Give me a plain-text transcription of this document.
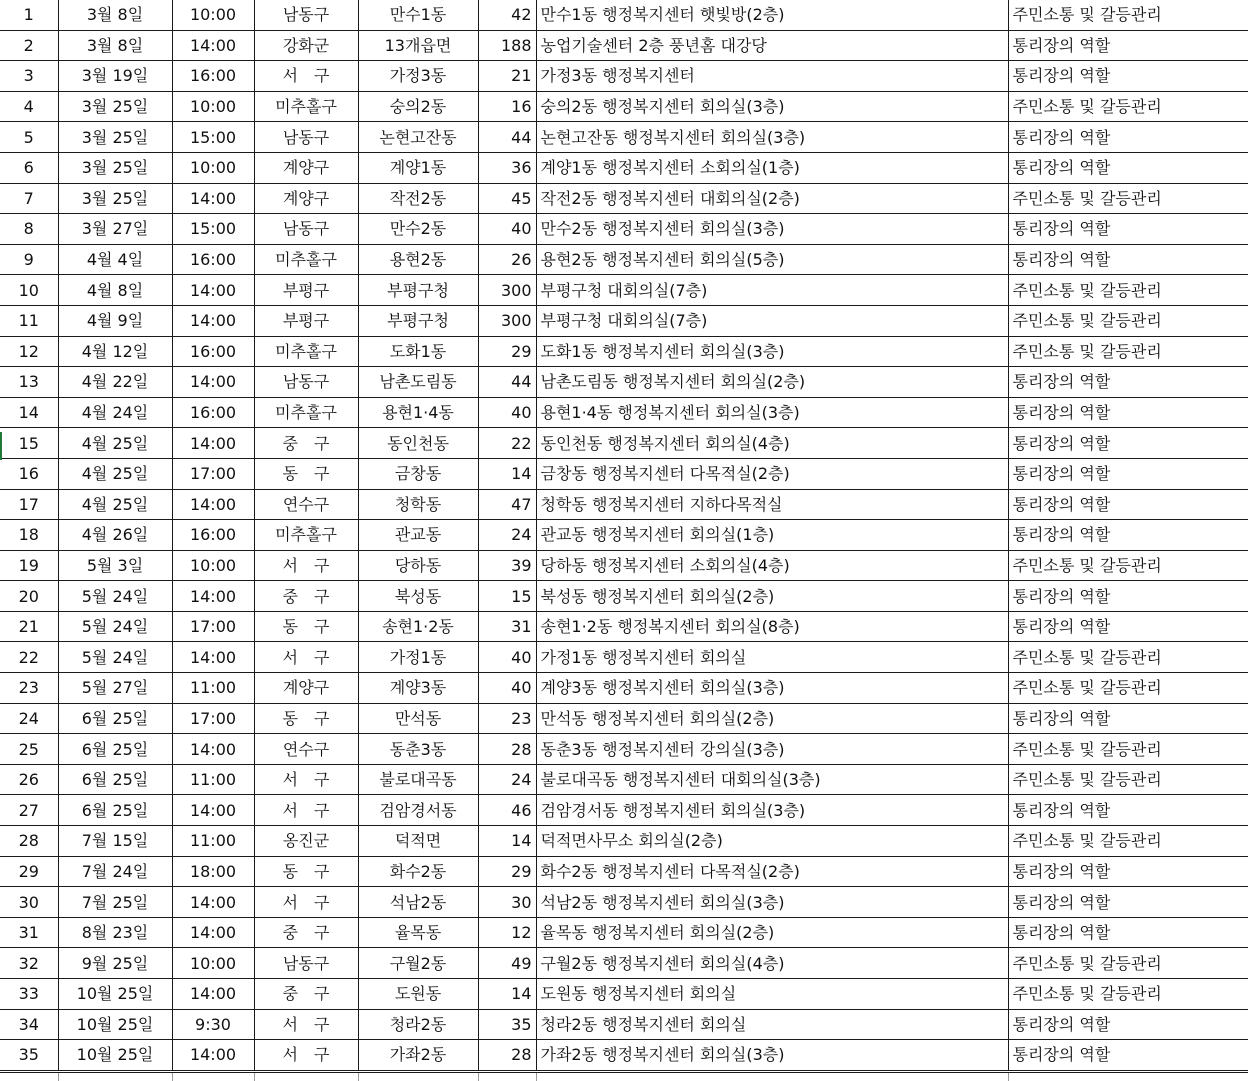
1	3월 8일	10:00	남동구	만수1동	42	만수1동 행정복지센터 햇빛방(2층)	주민소통 및 갈등관리
2	3월 8일	14:00	강화군	13개읍면	188	농업기술센터 2층 풍년홈 대강당	통리장의 역할
3	3월 19일	16:00	서　구	가정3동	21	가정3동 행정복지센터	통리장의 역할
4	3월 25일	10:00	미추홀구	숭의2동	16	숭의2동 행정복지센터 회의실(3층)	주민소통 및 갈등관리
5	3월 25일	15:00	남동구	논현고잔동	44	논현고잔동 행정복지센터 회의실(3층)	통리장의 역할
6	3월 25일	10:00	계양구	계양1동	36	계양1동 행정복지센터 소회의실(1층)	통리장의 역할
7	3월 25일	14:00	계양구	작전2동	45	작전2동 행정복지센터 대회의실(2층)	주민소통 및 갈등관리
8	3월 27일	15:00	남동구	만수2동	40	만수2동 행정복지센터 회의실(3층)	통리장의 역할
9	4월 4일	16:00	미추홀구	용현2동	26	용현2동 행정복지센터 회의실(5층)	통리장의 역할
10	4월 8일	14:00	부평구	부평구청	300	부평구청 대회의실(7층)	주민소통 및 갈등관리
11	4월 9일	14:00	부평구	부평구청	300	부평구청 대회의실(7층)	주민소통 및 갈등관리
12	4월 12일	16:00	미추홀구	도화1동	29	도화1동 행정복지센터 회의실(3층)	주민소통 및 갈등관리
13	4월 22일	14:00	남동구	남촌도림동	44	남촌도림동 행정복지센터 회의실(2층)	통리장의 역할
14	4월 24일	16:00	미추홀구	용현1·4동	40	용현1·4동 행정복지센터 회의실(3층)	통리장의 역할
15	4월 25일	14:00	중　구	동인천동	22	동인천동 행정복지센터 회의실(4층)	통리장의 역할
16	4월 25일	17:00	동　구	금창동	14	금창동 행정복지센터 다목적실(2층)	통리장의 역할
17	4월 25일	14:00	연수구	청학동	47	청학동 행정복지센터 지하다목적실	통리장의 역할
18	4월 26일	16:00	미추홀구	관교동	24	관교동 행정복지센터 회의실(1층)	통리장의 역할
19	5월 3일	10:00	서　구	당하동	39	당하동 행정복지센터 소회의실(4층)	주민소통 및 갈등관리
20	5월 24일	14:00	중　구	북성동	15	북성동 행정복지센터 회의실(2층)	통리장의 역할
21	5월 24일	17:00	동　구	송현1·2동	31	송현1·2동 행정복지센터 회의실(8층)	통리장의 역할
22	5월 24일	14:00	서　구	가정1동	40	가정1동 행정복지센터 회의실	주민소통 및 갈등관리
23	5월 27일	11:00	계양구	계양3동	40	계양3동 행정복지센터 회의실(3층)	주민소통 및 갈등관리
24	6월 25일	17:00	동　구	만석동	23	만석동 행정복지센터 회의실(2층)	통리장의 역할
25	6월 25일	14:00	연수구	동춘3동	28	동춘3동 행정복지센터 강의실(3층)	주민소통 및 갈등관리
26	6월 25일	11:00	서　구	불로대곡동	24	불로대곡동 행정복지센터 대회의실(3층)	주민소통 및 갈등관리
27	6월 25일	14:00	서　구	검암경서동	46	검암경서동 행정복지센터 회의실(3층)	통리장의 역할
28	7월 15일	11:00	옹진군	덕적면	14	덕적면사무소 회의실(2층)	주민소통 및 갈등관리
29	7월 24일	18:00	동　구	화수2동	29	화수2동 행정복지센터 다목적실(2층)	통리장의 역할
30	7월 25일	14:00	서　구	석남2동	30	석남2동 행정복지센터 회의실(3층)	통리장의 역할
31	8월 23일	14:00	중　구	율목동	12	율목동 행정복지센터 회의실(2층)	통리장의 역할
32	9월 25일	10:00	남동구	구월2동	49	구월2동 행정복지센터 회의실(4층)	주민소통 및 갈등관리
33	10월 25일	14:00	중　구	도원동	14	도원동 행정복지센터 회의실	주민소통 및 갈등관리
34	10월 25일	9:30	서　구	청라2동	35	청라2동 행정복지센터 회의실	통리장의 역할
35	10월 25일	14:00	서　구	가좌2동	28	가좌2동 행정복지센터 회의실(3층)	통리장의 역할
